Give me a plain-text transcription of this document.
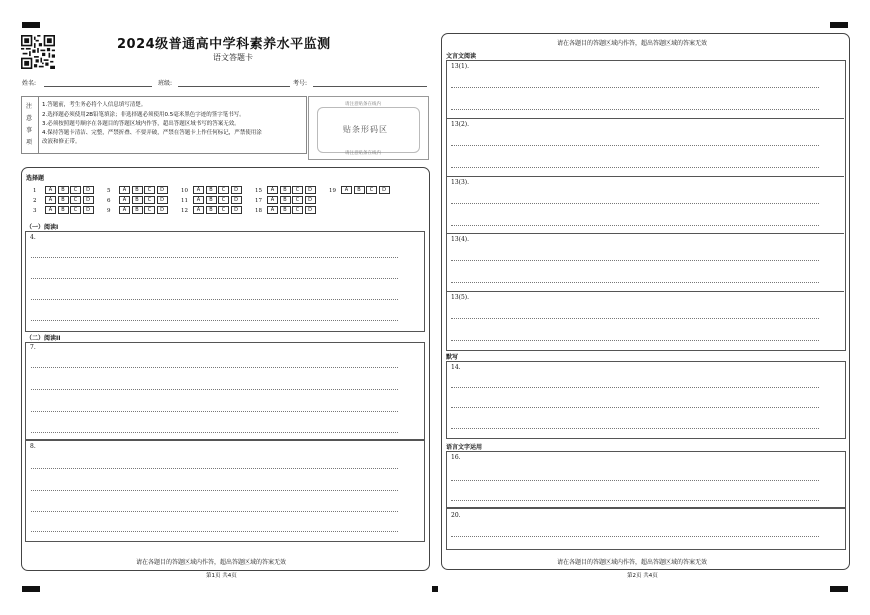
2024级普通高中学科素养水平监测
语文答题卡
姓名:	班级:	考号:
注
意
事
项
1.答题前，考生务必将个人信息填写清楚。
2.选择题必须使用2B铅笔填涂；非选择题必须使用0.5毫米黑色字迹的签字笔书写。
3.必须按照题号顺序在各题目的答题区域内作答，超出答题区域书写的答案无效。
4.保持答题卡清洁、完整，严禁折叠、不要弄破，严禁在答题卡上作任何标记，严禁使用涂
改液和修正带。
请注意贴条在线内
贴条形码区
请注意贴条在线内
选择题
1 A B C D
2 A B C D
3 A B C D
5 A B C D
6 A B C D
9 A B C D
10 A B C D
11 A B C D
12 A B C D
15 A B C D
17 A B C D
18 A B C D
19 A B C D
（一）阅读I
4.
（二）阅读II
7.
8.
请在各题目的答题区域内作答，超出答题区域的答案无效
第1页 共4页
请在各题目的答题区域内作答，超出答题区域的答案无效
文言文阅读
13(1).
13(2).
13(3).
13(4).
13(5).
默写
14.
语言文字运用
16.
20.
请在各题目的答题区域内作答，超出答题区域的答案无效
第2页 共4页
